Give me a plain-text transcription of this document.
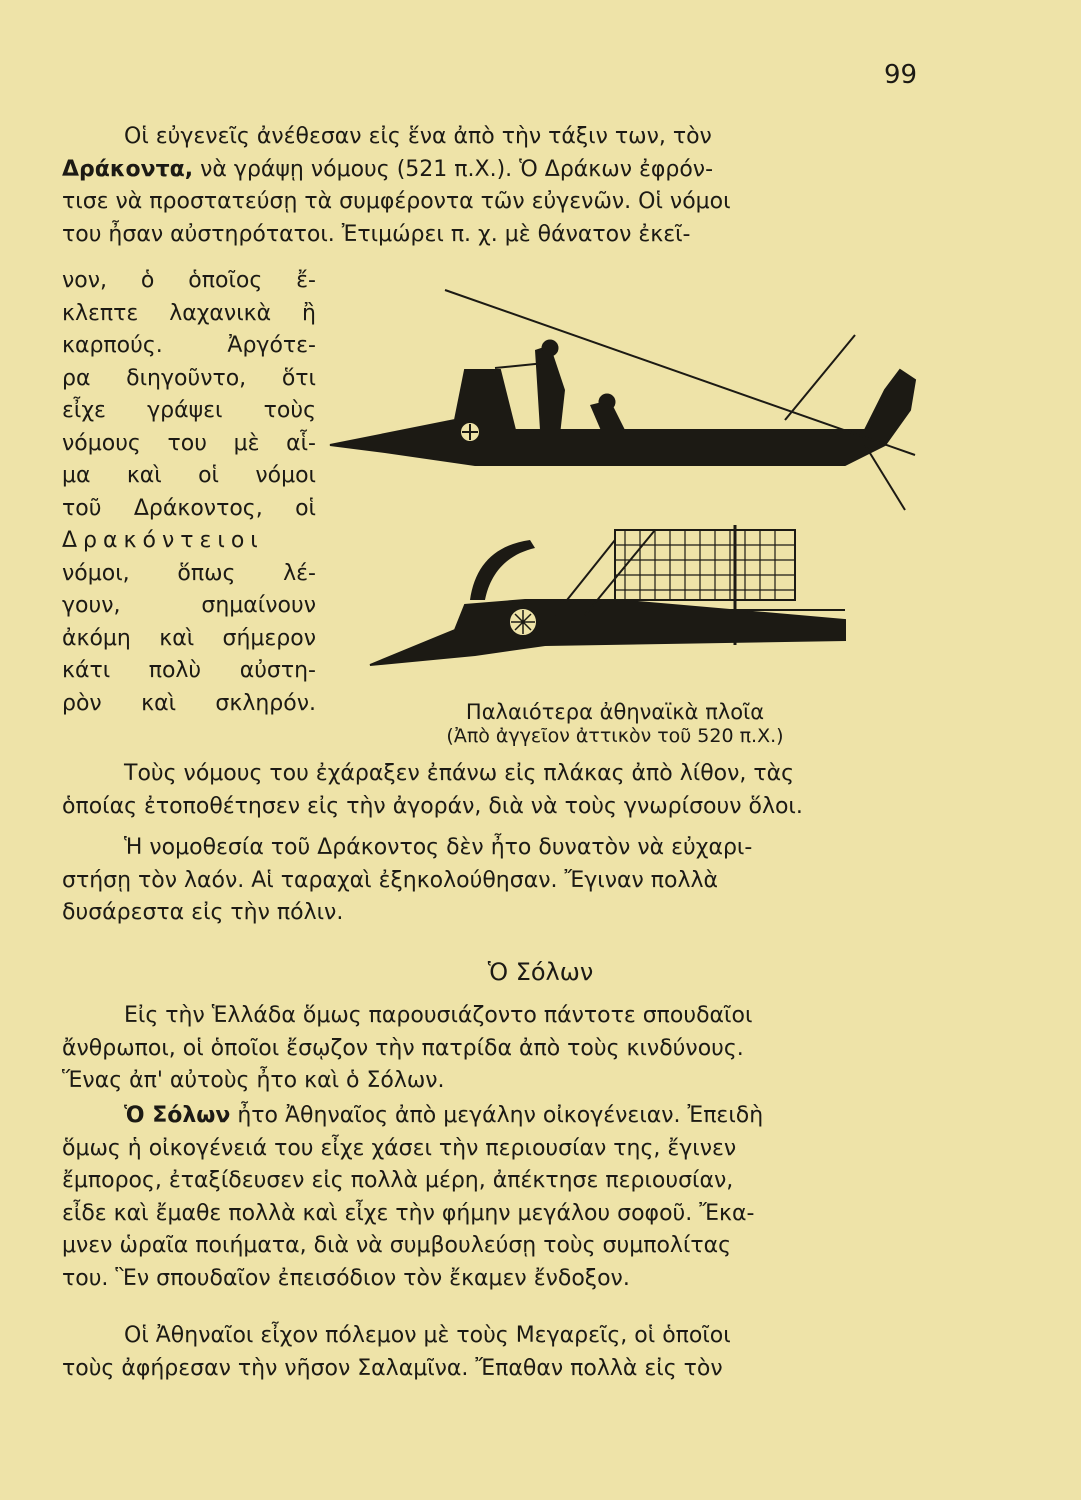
99
Οἱ εὐγενεῖς ἀνέθεσαν εἰς ἕνα ἀπὸ τὴν τάξιν των, τὸν
Δράκοντα, νὰ γράψῃ νόμους (521 π.Χ.). Ὁ Δράκων ἐφρόν-
τισε νὰ προστατεύσῃ τὰ συμφέροντα τῶν εὐγενῶν. Οἱ νόμοι
του ἦσαν αὐστηρότατοι. Ἐτιμώρει π. χ. μὲ θάνατον ἐκεῖ-
νον, ὁ ὁποῖος ἔ-
κλεπτε λαχανικὰ ἢ
καρπούς. Ἀργότε-
ρα διηγοῦντο, ὅτι
εἶχε γράψει τοὺς
νόμους του μὲ αἷ-
μα καὶ οἱ νόμοι
τοῦ Δράκοντος, οἱ
Δρακόντειοι
νόμοι, ὅπως λέ-
γουν, σημαίνουν
ἀκόμη καὶ σήμερον
κάτι πολὺ αὐστη-
ρὸν καὶ σκληρόν.	Παλαιότερα ἀθηναϊκὰ πλοῖα
(Ἀπὸ ἀγγεῖον ἀττικὸν τοῦ 520 π.Χ.)
Τοὺς νόμους του ἐχάραξεν ἐπάνω εἰς πλάκας ἀπὸ λίθον, τὰς
ὁποίας ἐτοποθέτησεν εἰς τὴν ἀγοράν, διὰ νὰ τοὺς γνωρίσουν ὅλοι.
Ἡ νομοθεσία τοῦ Δράκοντος δὲν ἦτο δυνατὸν νὰ εὐχαρι-
στήσῃ τὸν λαόν. Αἱ ταραχαὶ ἐξηκολούθησαν. Ἔγιναν πολλὰ
δυσάρεστα εἰς τὴν πόλιν.
Ὁ Σόλων
Εἰς τὴν Ἑλλάδα ὅμως παρουσιάζοντο πάντοτε σπουδαῖοι
ἄνθρωποι, οἱ ὁποῖοι ἔσῳζον τὴν πατρίδα ἀπὸ τοὺς κινδύνους.
Ἕνας ἀπ' αὐτοὺς ἦτο καὶ ὁ Σόλων.
Ὁ Σόλων ἦτο Ἀθηναῖος ἀπὸ μεγάλην οἰκογένειαν. Ἐπειδὴ
ὅμως ἡ οἰκογένειά του εἶχε χάσει τὴν περιουσίαν της, ἔγινεν
ἔμπορος, ἐταξίδευσεν εἰς πολλὰ μέρη, ἀπέκτησε περιουσίαν,
εἶδε καὶ ἔμαθε πολλὰ καὶ εἶχε τὴν φήμην μεγάλου σοφοῦ. Ἔκα-
μνεν ὡραῖα ποιήματα, διὰ νὰ συμβουλεύσῃ τοὺς συμπολίτας
του. Ἓν σπουδαῖον ἐπεισόδιον τὸν ἔκαμεν ἔνδοξον.
Οἱ Ἀθηναῖοι εἶχον πόλεμον μὲ τοὺς Μεγαρεῖς, οἱ ὁποῖοι
τοὺς ἀφήρεσαν τὴν νῆσον Σαλαμῖνα. Ἔπαθαν πολλὰ εἰς τὸν
